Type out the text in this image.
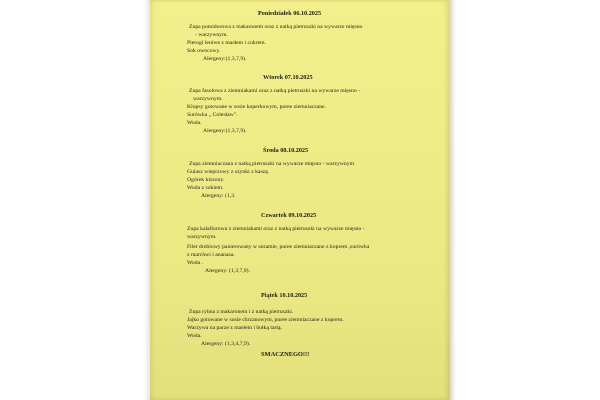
Poniedziałek 06.10.2025
Zupa pomidorowa z makaronem oraz z natką pietruszki na wywarze mięsno
- warzywnym.
Pierogi leniwe z masłem i cukrem.
Sok owocowy.
Alergeny:(1,3,7,9).
Wtorek 07.10.2025
Zupa fasolowa z ziemniakami oraz z natką pietruszki na wywarze mięsno -
warzywnym.
Klopsy gotowane w sosie koperkowym, puree ziemniaczane.
Surówka „ Colesław".
Woda.
Alergeny:(1,3,7,9).
Środa 08.10.2025
Zupa ziemniaczana z natką pietruszki na wywarze mięsno - warzywnym
Gulasz wieprzowy z szynki z kaszą.
Ogórek kiszony.
Woda z sokiem.
Alergeny: (1,3.
Czwartek 09.10.2025
Zupa kalafiorowa z ziemniakami oraz z natką pietruszki na wywarze mięsno -
warzywnym.
Filet drobiowy panierowany w sezamie, puree ziemniaczane z koprem ,surówka
z marchwi i ananasa.
Woda .
Alergeny: (1,3,7,9).
Piątek 10.10.2025
Zupa rybna z makaronem i z natką pietruszki.
Jajko gotowane w sosie chrzanowym, puree ziemniaczane z koprem.
Warzywa na parze z masłem i bułką tartą.
Woda.
Alergeny: (1,3,4,7,9).
SMACZNEGO!!!
